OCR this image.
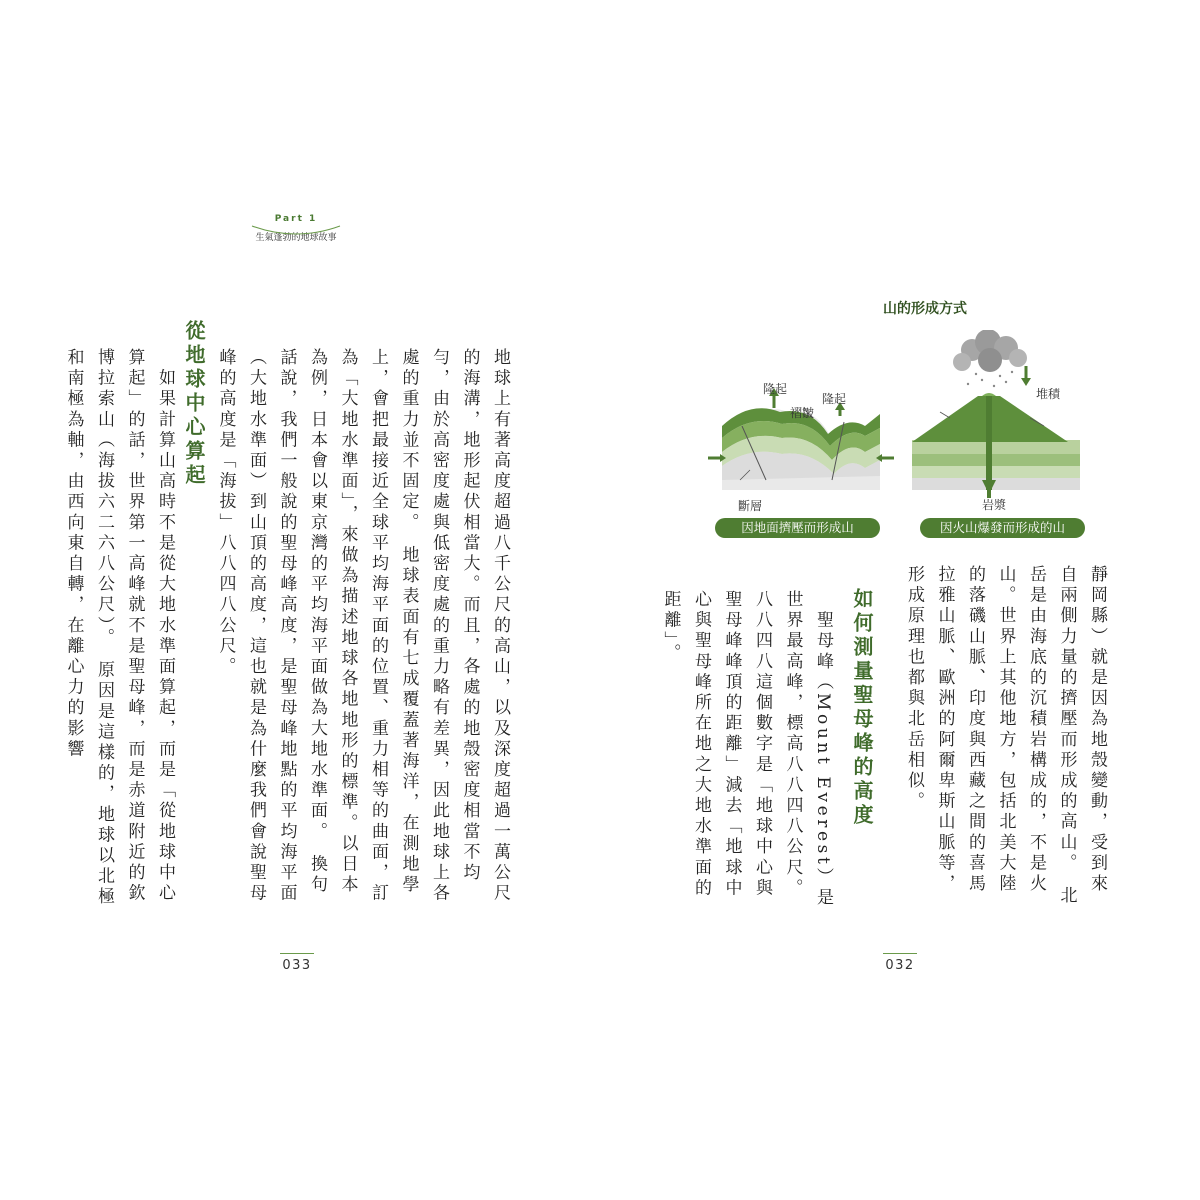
Part 1
生氣蓬勃的地球故事
地球上有著高度超過八千公尺的高山，以及深度超過一萬公尺的海溝，地形起伏相當大。而且，各處的地殼密度相當不均勻，由於高密度處與低密度處的重力略有差異，因此地球上各處的重力並不固定。　地球表面有七成覆蓋著海洋，在測地學上，會把最接近全球平均海平面的位置、重力相等的曲面，訂為「大地水準面」，來做為描述地球各地地形的標準。以日本為例，日本會以東京灣的平均海平面做為大地水準面。　換句話說，我們一般說的聖母峰高度，是聖母峰地點的平均海平面（大地水準面）到山頂的高度，這也就是為什麼我們會說聖母峰的高度是「海拔」八八四八公尺。
從地球中心算起
　如果計算山高時不是從大地水準面算起，而是「從地球中心算起」的話，世界第一高峰就不是聖母峰，而是赤道附近的欽博拉索山（海拔六二六八公尺）。　原因是這樣的，地球以北極和南極為軸，由西向東自轉，在離心力的影響
033
山的形成方式
隆起
隆起
褶皺
斷層
堆積
岩漿
因地面擠壓而形成山	因火山爆發而形成的山
靜岡縣）就是因為地殼變動，受到來自兩側力量的擠壓而形成的高山。　北岳是由海底的沉積岩構成的，不是火山。世界上其他地方，包括北美大陸的落磯山脈、印度與西藏之間的喜馬拉雅山脈、歐洲的阿爾卑斯山脈等，形成原理也都與北岳相似。
如何測量聖母峰的高度
　聖母峰（Mount Everest）是世界最高峰，標高八八四八公尺。八八四八這個數字是「地球中心與聖母峰峰頂的距離」減去「地球中心與聖母峰所在地之大地水準面的距離」。
032
